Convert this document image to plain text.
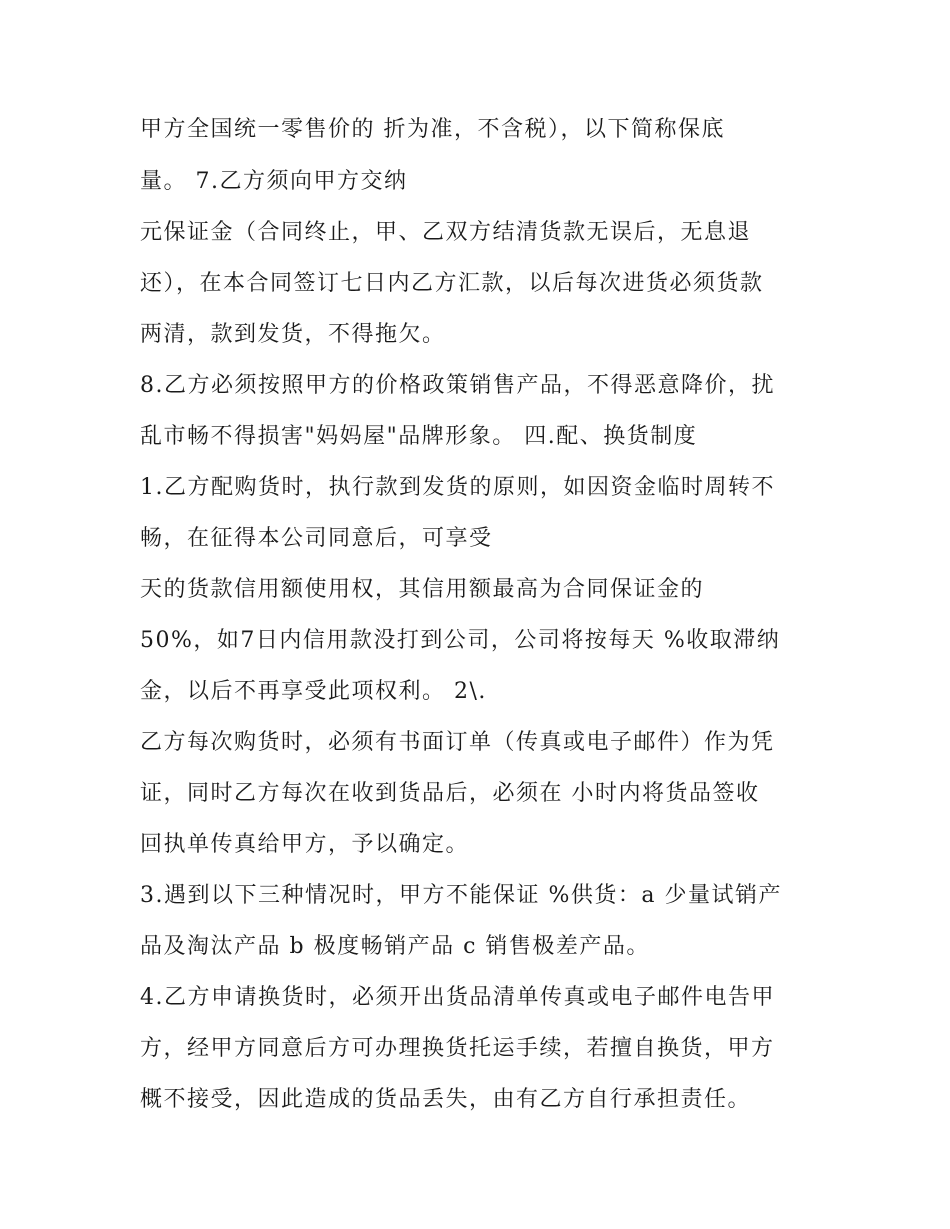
甲方全国统一零售价的 折为准，不含税），以下简称保底
量。 7.乙方须向甲方交纳
元保证金（合同终止，甲、乙双方结清货款无误后，无息退
还），在本合同签订七日内乙方汇款，以后每次进货必须货款
两清，款到发货，不得拖欠。
8.乙方必须按照甲方的价格政策销售产品，不得恶意降价，扰
乱市畅不得损害"妈妈屋"品牌形象。 四.配、换货制度
1.乙方配购货时，执行款到发货的原则，如因资金临时周转不
畅，在征得本公司同意后，可享受
天的货款信用额使用权，其信用额最高为合同保证金的
50%，如7日内信用款没打到公司，公司将按每天 %收取滞纳
金，以后不再享受此项权利。 2\.
乙方每次购货时，必须有书面订单（传真或电子邮件）作为凭
证，同时乙方每次在收到货品后，必须在 小时内将货品签收
回执单传真给甲方，予以确定。
3.遇到以下三种情况时，甲方不能保证 %供货：a 少量试销产
品及淘汰产品 b 极度畅销产品 c 销售极差产品。
4.乙方申请换货时，必须开出货品清单传真或电子邮件电告甲
方，经甲方同意后方可办理换货托运手续，若擅自换货，甲方
概不接受，因此造成的货品丢失，由有乙方自行承担责任。
